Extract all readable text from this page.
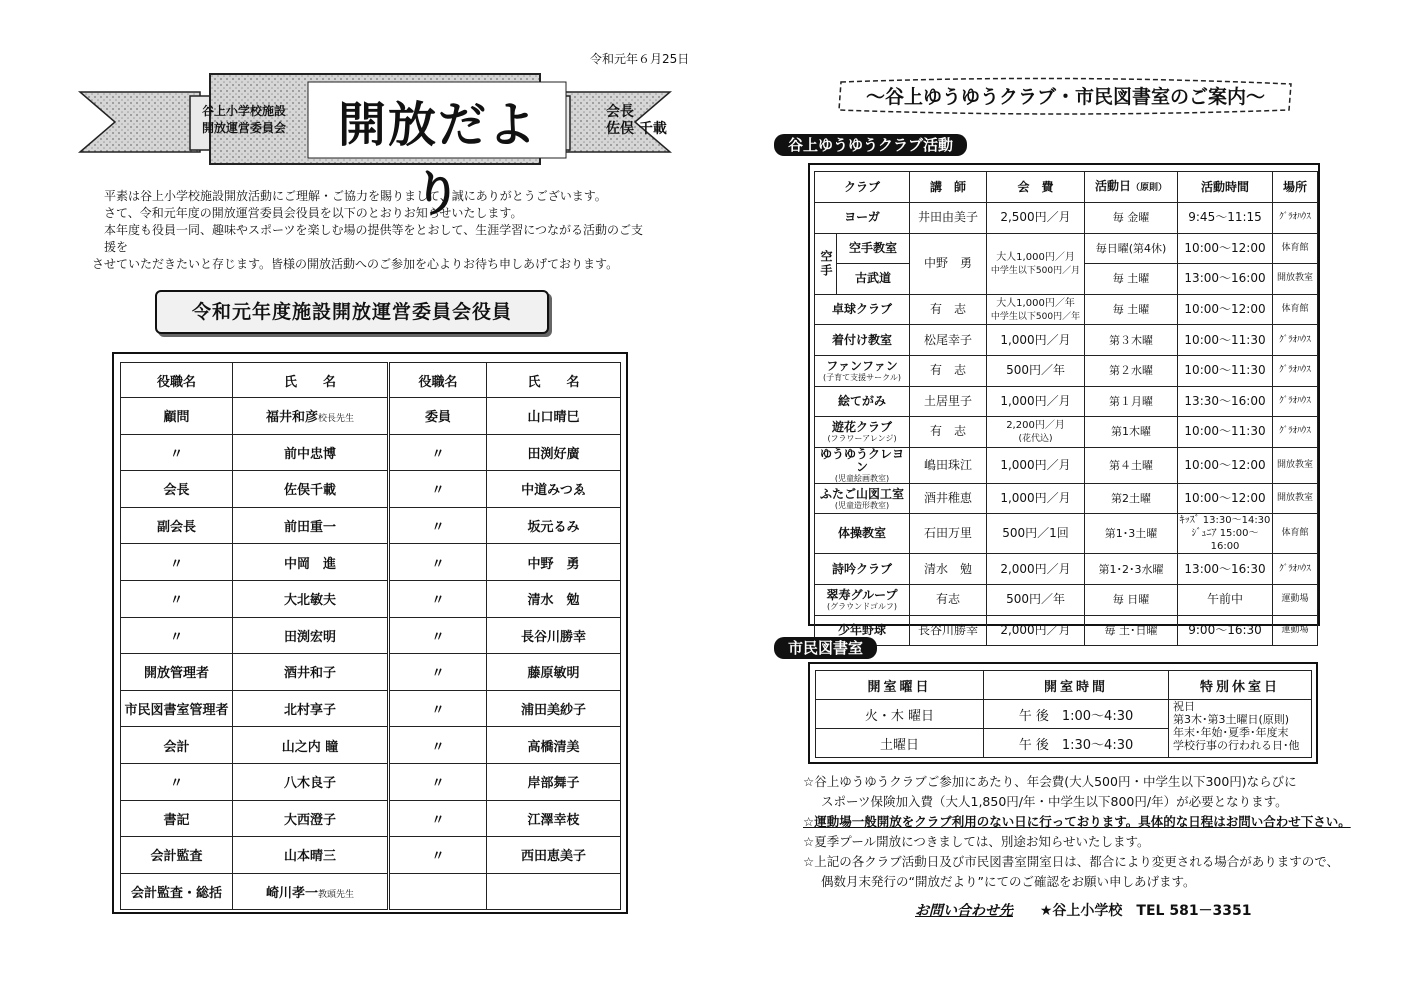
令和元年６月25日
谷上小学校施設
開放運営委員会	開放だより
会長
佐俣 千載

平素は谷上小学校施設開放活動にご理解・ご協力を賜りまして、誠にありがとうございます。

さて、令和元年度の開放運営委員会役員を以下のとおりお知らせいたします。

本年度も役員一同、趣味やスポーツを楽しむ場の提供等をとおして、生涯学習につながる活動のご支援を

させていただきたいと存じます。皆様の開放活動へのご参加を心よりお待ち申しあげております。

令和元年度施設開放運営委員会役員
役職名	氏　　名	役職名	氏　　名
顧問	福井和彦校長先生	委員	山口晴巳
〃	前中忠博	〃	田渕好廣
会長	佐俣千載	〃	中道みつゑ
副会長	前田重一	〃	坂元るみ
〃	中岡　進	〃	中野　勇
〃	大北敏夫	〃	清水　勉
〃	田渕宏明	〃	長谷川勝幸
開放管理者	酒井和子	〃	藤原敏明
市民図書室管理者	北村享子	〃	浦田美紗子
会計	山之内 瞳	〃	高橋清美
〃	八木良子	〃	岸部舞子
書記	大西澄子	〃	江澤幸枝
会計監査	山本晴三	〃	西田恵美子
会計監査・総括	崎川孝一教頭先生		
～谷上ゆうゆうクラブ・市民図書室のご案内～
谷上ゆうゆうクラブ活動
クラブ		講　師	会　費	活動日（原則）	活動時間	場所
ヨーガ		井田由美子	2,500円／月	毎 金曜	9:45～11:15	ｸﾞﾗｵﾊｳｽ
空手	空手教室	中野　勇	大人1,000円／月
中学生以下500円／月	毎日曜(第4休)	10:00～12:00	体育館
	古武道			毎 土曜	13:00～16:00	開放教室
卓球クラブ		有　志	大人1,000円／年
中学生以下500円／年	毎 土曜	10:00～12:00	体育館
着付け教室		松尾幸子	1,000円／月	第３木曜	10:00～11:30	ｸﾞﾗｵﾊｳｽ
ファンファン
(子育て支援サークル)		有　志	500円／年	第２水曜	10:00～11:30	ｸﾞﾗｵﾊｳｽ
絵てがみ		土居里子	1,000円／月	第１月曜	13:30～16:00	ｸﾞﾗｵﾊｳｽ
遊花クラブ
(フラワーアレンジ)		有　志	2,200円／月
(花代込)	第1木曜	10:00～11:30	ｸﾞﾗｵﾊｳｽ
ゆうゆうクレヨン
(児童絵画教室)		嶋田珠江	1,000円／月	第４土曜	10:00～12:00	開放教室
ふたご山図工室
(児童造形教室)		酒井稚恵	1,000円／月	第2土曜	10:00～12:00	開放教室
体操教室		石田万里	500円／1回	第1･3土曜	ｷｯｽﾞ 13:30～14:30
ｼﾞｭﾆｱ 15:00～16:00	体育館
詩吟クラブ		清水　勉	2,000円／月	第1･2･3水曜	13:00～16:30	ｸﾞﾗｵﾊｳｽ
翠寿グループ
(グラウンドゴルフ)		有志	500円／年	毎 日曜	午前中	運動場
少年野球		長谷川勝幸	2,000円／月	毎 土･日曜	9:00～16:30	運動場
市民図書室
開室曜日	開室時間	特別休室日
火・木 曜日	午 後　1:00～4:30	祝日
第3木･第3土曜日(原則)
年末･年始･夏季･年度末
学校行事の行われる日･他

土曜日	午 後　1:30～4:30	

☆谷上ゆうゆうクラブご参加にあたり、年会費(大人500円・中学生以下300円)ならびに

スポーツ保険加入費（大人1,850円/年・中学生以下800円/年）が必要となります。

☆運動場一般開放をクラブ利用のない日に行っております。具体的な日程はお問い合わせ下さい。

☆夏季プール開放につきましては、別途お知らせいたします。

☆上記の各クラブ活動日及び市民図書室開室日は、都合により変更される場合がありますので、

偶数月末発行の“開放だより”にてのご確認をお願い申しあげます。

お問い合わせ先 ★谷上小学校　TEL 581－3351
